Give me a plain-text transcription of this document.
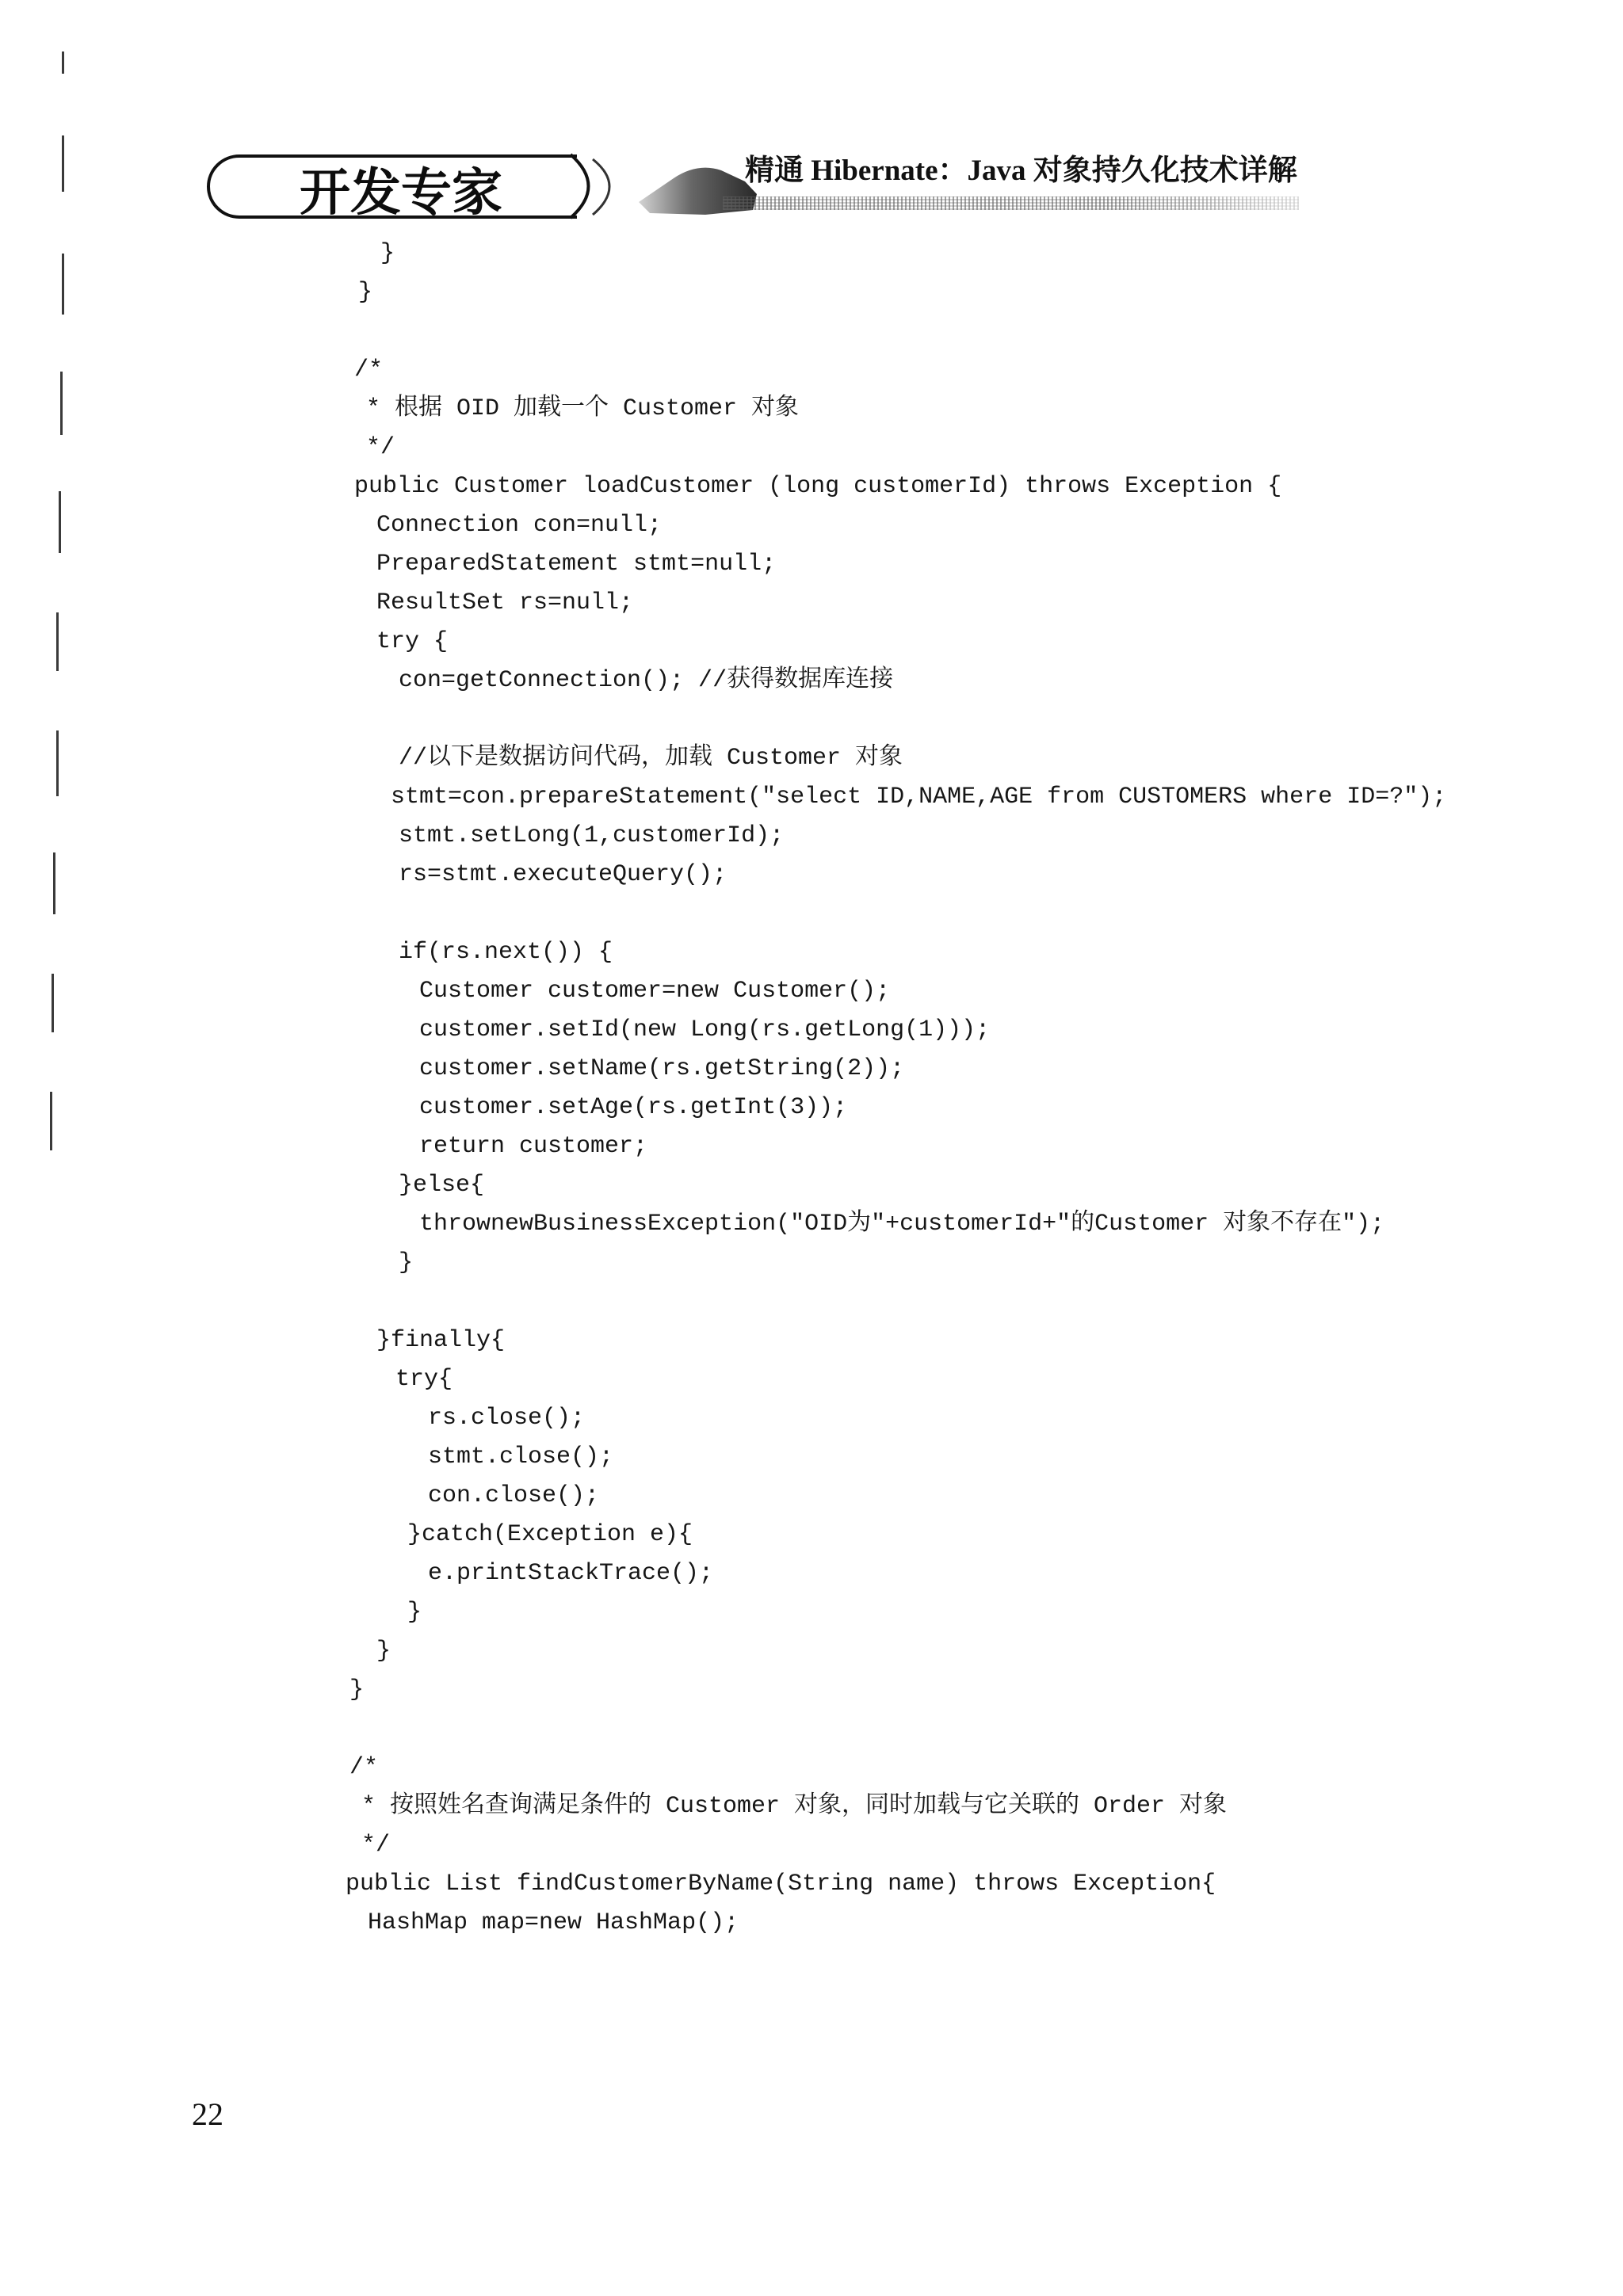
开发专家	精通 Hibernate：Java 对象持久化技术详解
}
}
/*
* 根据 OID 加载一个 Customer 对象
*/
public Customer loadCustomer (long customerId) throws Exception {
Connection con=null;
PreparedStatement stmt=null;
ResultSet rs=null;
try {
con=getConnection(); //获得数据库连接
//以下是数据访问代码，加载 Customer 对象
stmt=con.prepareStatement("select ID,NAME,AGE from CUSTOMERS where ID=?");
stmt.setLong(1,customerId);
rs=stmt.executeQuery();
if(rs.next()) {
Customer customer=new Customer();
customer.setId(new Long(rs.getLong(1)));
customer.setName(rs.getString(2));
customer.setAge(rs.getInt(3));
return customer;
}else{
thrownewBusinessException("OID为"+customerId+"的Customer 对象不存在");
}
}finally{
try{
rs.close();
stmt.close();
con.close();
}catch(Exception e){
e.printStackTrace();
}
}
}
/*
* 按照姓名查询满足条件的 Customer 对象，同时加载与它关联的 Order 对象
*/
public List findCustomerByName(String name) throws Exception{
HashMap map=new HashMap();
22
